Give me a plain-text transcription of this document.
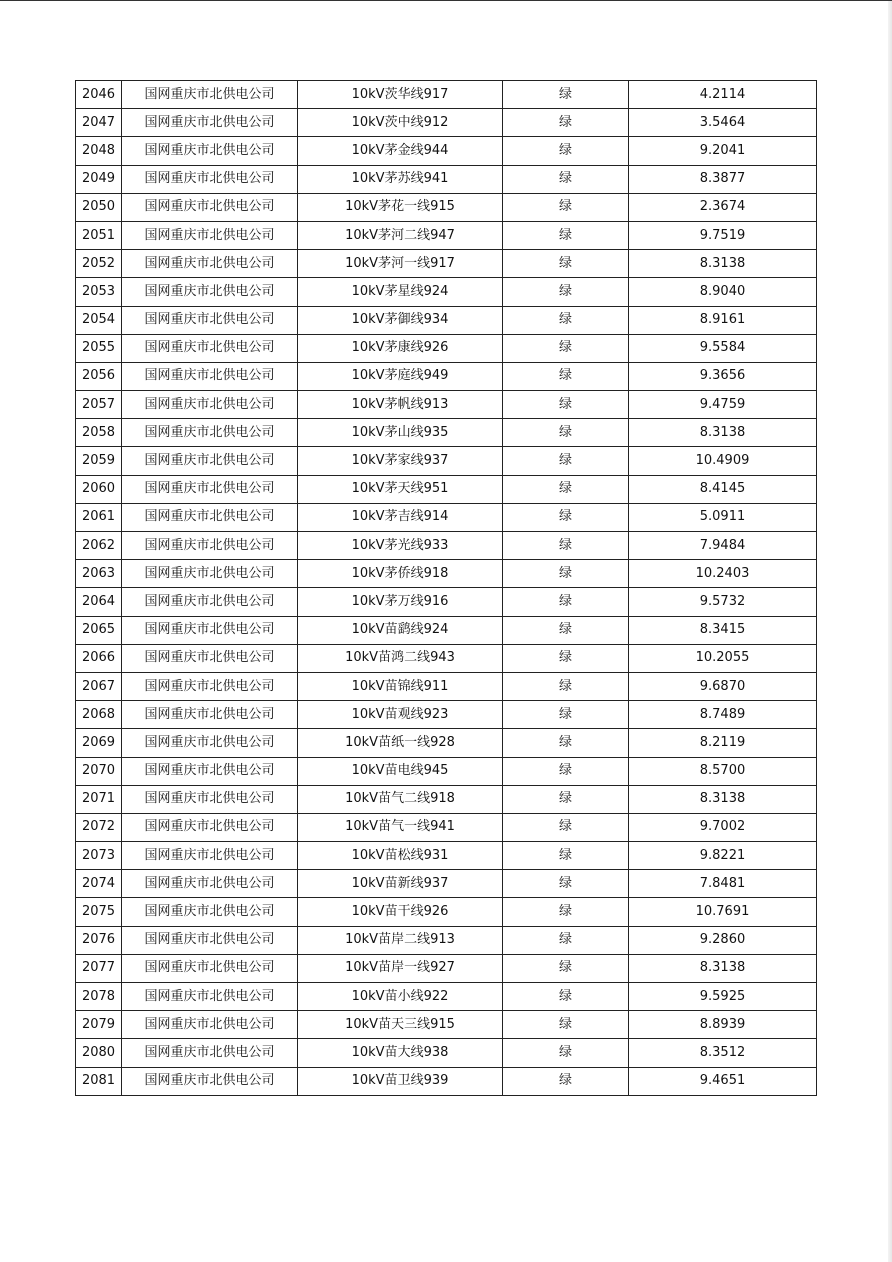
2046	国网重庆市北供电公司	10kV茨华线917	绿	4.2114
2047	国网重庆市北供电公司	10kV茨中线912	绿	3.5464
2048	国网重庆市北供电公司	10kV茅金线944	绿	9.2041
2049	国网重庆市北供电公司	10kV茅苏线941	绿	8.3877
2050	国网重庆市北供电公司	10kV茅花一线915	绿	2.3674
2051	国网重庆市北供电公司	10kV茅河二线947	绿	9.7519
2052	国网重庆市北供电公司	10kV茅河一线917	绿	8.3138
2053	国网重庆市北供电公司	10kV茅星线924	绿	8.9040
2054	国网重庆市北供电公司	10kV茅御线934	绿	8.9161
2055	国网重庆市北供电公司	10kV茅康线926	绿	9.5584
2056	国网重庆市北供电公司	10kV茅庭线949	绿	9.3656
2057	国网重庆市北供电公司	10kV茅帆线913	绿	9.4759
2058	国网重庆市北供电公司	10kV茅山线935	绿	8.3138
2059	国网重庆市北供电公司	10kV茅家线937	绿	10.4909
2060	国网重庆市北供电公司	10kV茅天线951	绿	8.4145
2061	国网重庆市北供电公司	10kV茅吉线914	绿	5.0911
2062	国网重庆市北供电公司	10kV茅光线933	绿	7.9484
2063	国网重庆市北供电公司	10kV茅侨线918	绿	10.2403
2064	国网重庆市北供电公司	10kV茅万线916	绿	9.5732
2065	国网重庆市北供电公司	10kV苗鹞线924	绿	8.3415
2066	国网重庆市北供电公司	10kV苗鸿二线943	绿	10.2055
2067	国网重庆市北供电公司	10kV苗锦线911	绿	9.6870
2068	国网重庆市北供电公司	10kV苗观线923	绿	8.7489
2069	国网重庆市北供电公司	10kV苗纸一线928	绿	8.2119
2070	国网重庆市北供电公司	10kV苗电线945	绿	8.5700
2071	国网重庆市北供电公司	10kV苗气二线918	绿	8.3138
2072	国网重庆市北供电公司	10kV苗气一线941	绿	9.7002
2073	国网重庆市北供电公司	10kV苗松线931	绿	9.8221
2074	国网重庆市北供电公司	10kV苗新线937	绿	7.8481
2075	国网重庆市北供电公司	10kV苗干线926	绿	10.7691
2076	国网重庆市北供电公司	10kV苗岸二线913	绿	9.2860
2077	国网重庆市北供电公司	10kV苗岸一线927	绿	8.3138
2078	国网重庆市北供电公司	10kV苗小线922	绿	9.5925
2079	国网重庆市北供电公司	10kV苗天三线915	绿	8.8939
2080	国网重庆市北供电公司	10kV苗大线938	绿	8.3512
2081	国网重庆市北供电公司	10kV苗卫线939	绿	9.4651
